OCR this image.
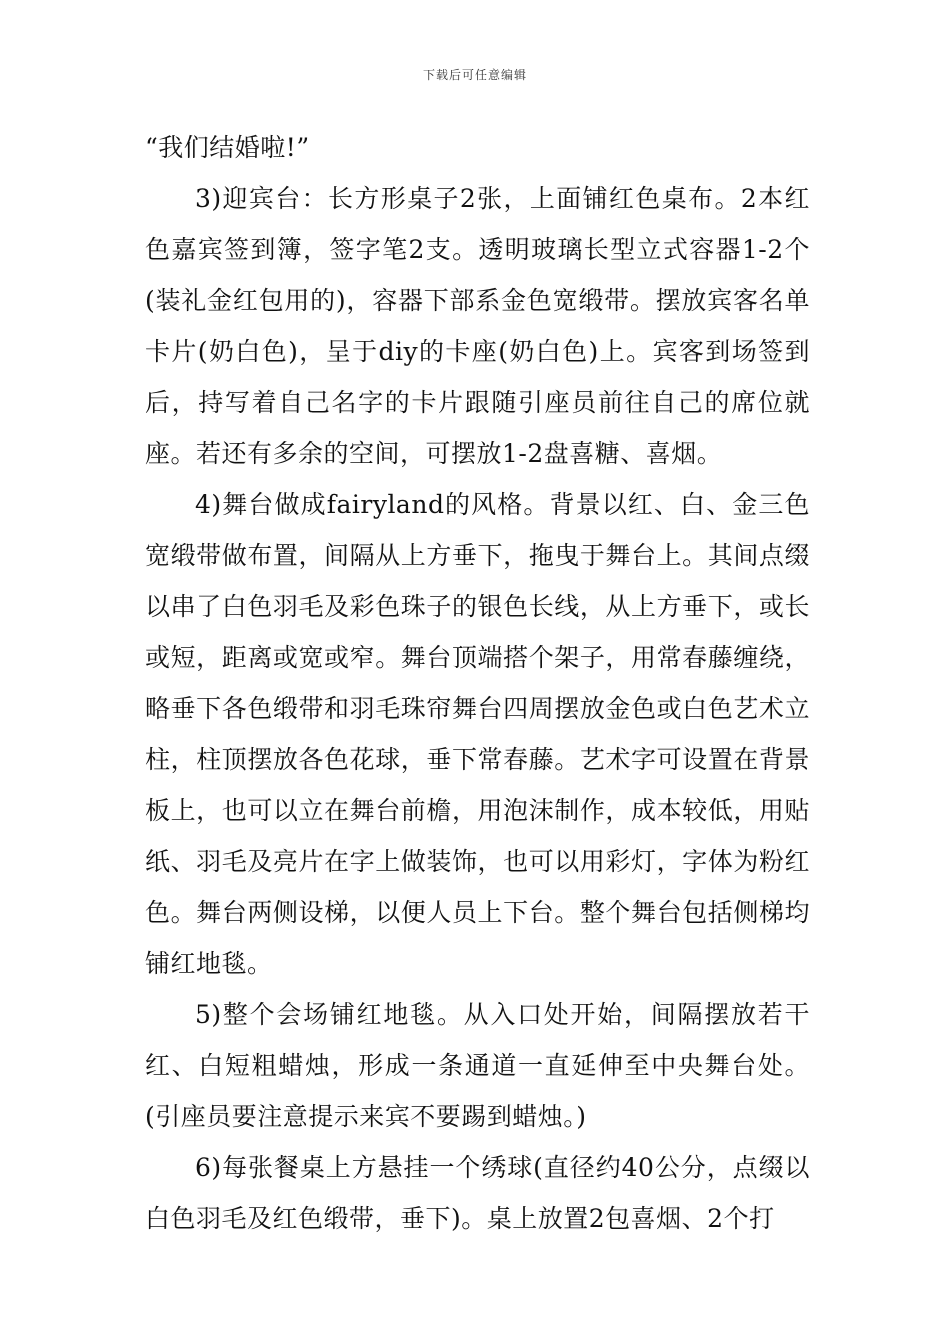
下载后可任意编辑

“我们结婚啦!”

3)迎宾台：长方形桌子2张，上面铺红色桌布。2本红色嘉宾签到簿，签字笔2支。透明玻璃长型立式容器1-2个(装礼金红包用的)，容器下部系金色宽缎带。摆放宾客名单卡片(奶白色)，呈于diy的卡座(奶白色)上。宾客到场签到后，持写着自己名字的卡片跟随引座员前往自己的席位就座。若还有多余的空间，可摆放1-2盘喜糖、喜烟。

4)舞台做成fairyland的风格。背景以红、白、金三色宽缎带做布置，间隔从上方垂下，拖曳于舞台上。其间点缀以串了白色羽毛及彩色珠子的银色长线，从上方垂下，或长或短，距离或宽或窄。舞台顶端搭个架子，用常春藤缠绕，略垂下各色缎带和羽毛珠帘舞台四周摆放金色或白色艺术立柱，柱顶摆放各色花球，垂下常春藤。艺术字可设置在背景板上，也可以立在舞台前檐，用泡沫制作，成本较低，用贴纸、羽毛及亮片在字上做装饰，也可以用彩灯，字体为粉红色。舞台两侧设梯，以便人员上下台。整个舞台包括侧梯均铺红地毯。

5)整个会场铺红地毯。从入口处开始，间隔摆放若干红、白短粗蜡烛，形成一条通道一直延伸至中央舞台处。(引座员要注意提示来宾不要踢到蜡烛。)

6)每张餐桌上方悬挂一个绣球(直径约40公分，点缀以白色羽毛及红色缎带，垂下)。桌上放置2包喜烟、2个打
